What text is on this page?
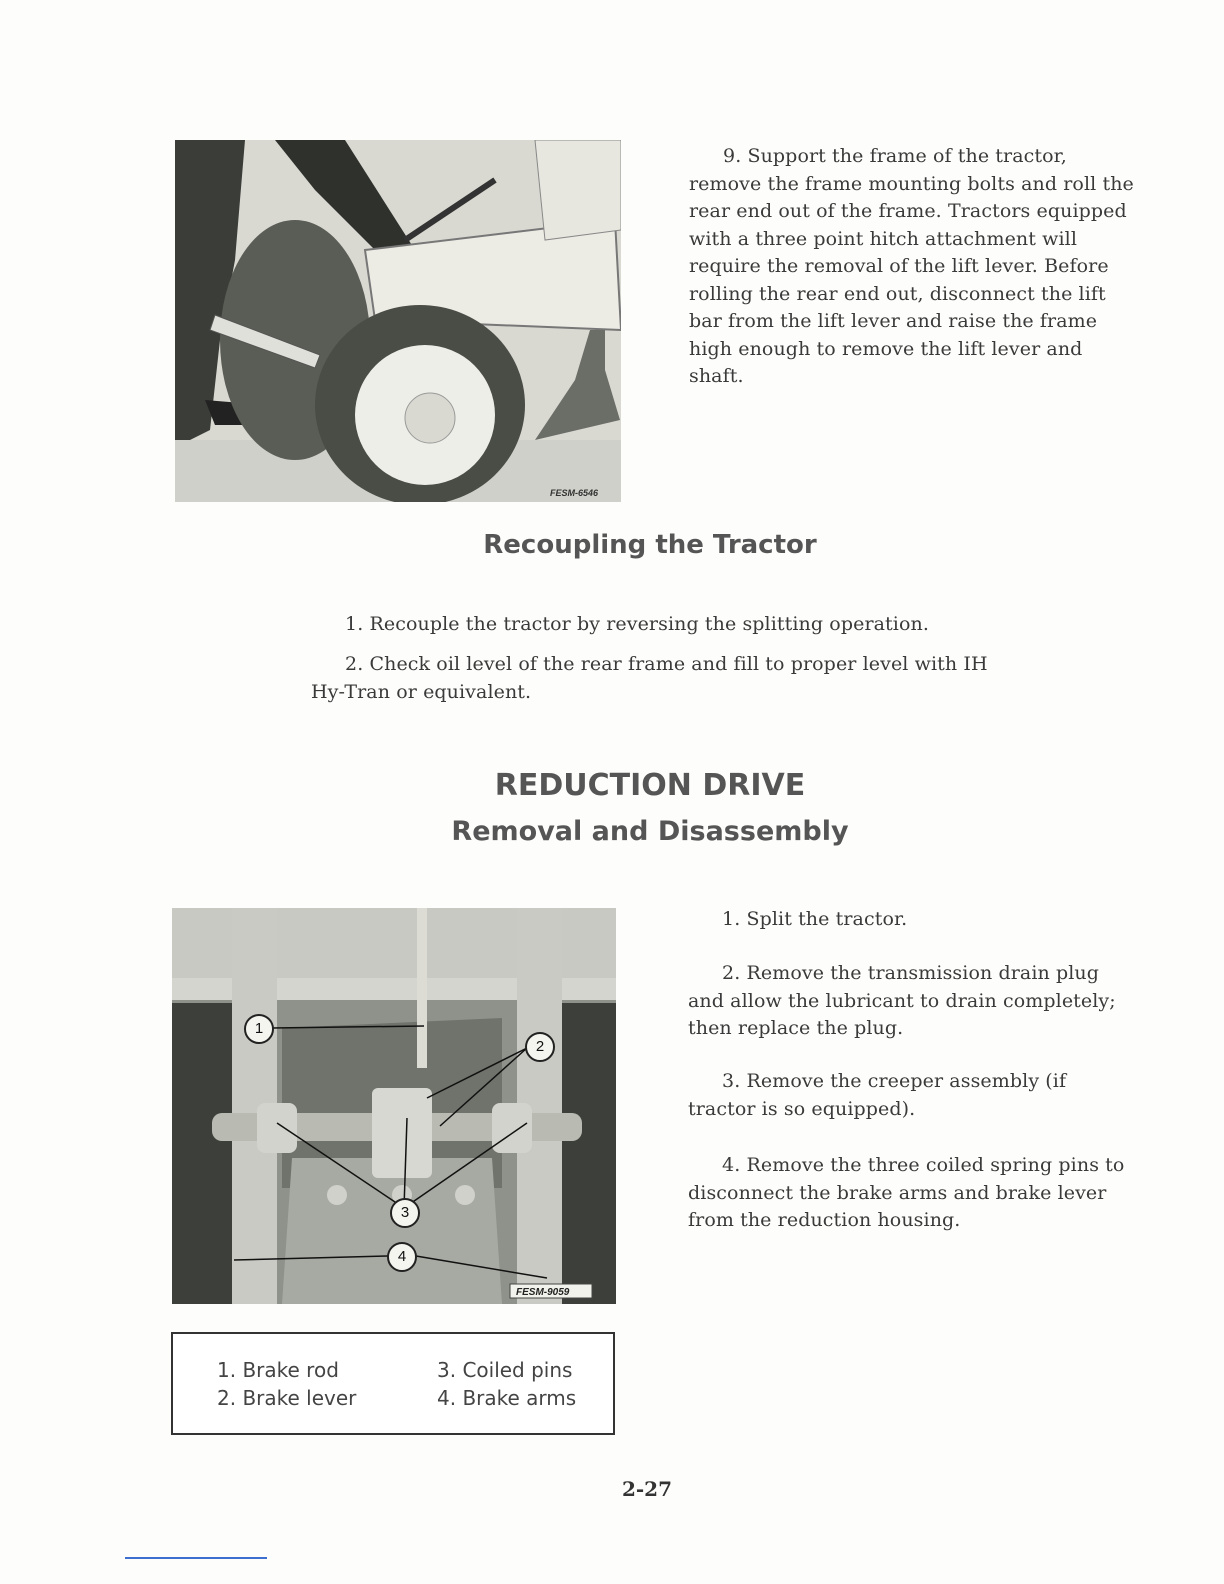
FESM-6546
9. Support the frame of the tractor, remove the frame mounting bolts and roll the rear end out of the frame. Tractors equipped with a three point hitch attachment will require the removal of the lift lever. Before rolling the rear end out, disconnect the lift bar from the lift lever and raise the frame high enough to remove the lift lever and shaft.
Recoupling the Tractor
1. Recouple the tractor by reversing the splitting operation.
2. Check oil level of the rear frame and fill to proper level with IH Hy-Tran or equivalent.
REDUCTION DRIVE
Removal and Disassembly
1. Split the tractor.
2. Remove the transmission drain plug and allow the lubricant to drain completely; then replace the plug.
3. Remove the creeper assembly (if tractor is so equipped).
4. Remove the three coiled spring pins to disconnect the brake arms and brake lever from the reduction housing.
FESM-9059
1
2
3
4
1. Brake rod
2. Brake lever
3. Coiled pins
4. Brake arms
2-27
